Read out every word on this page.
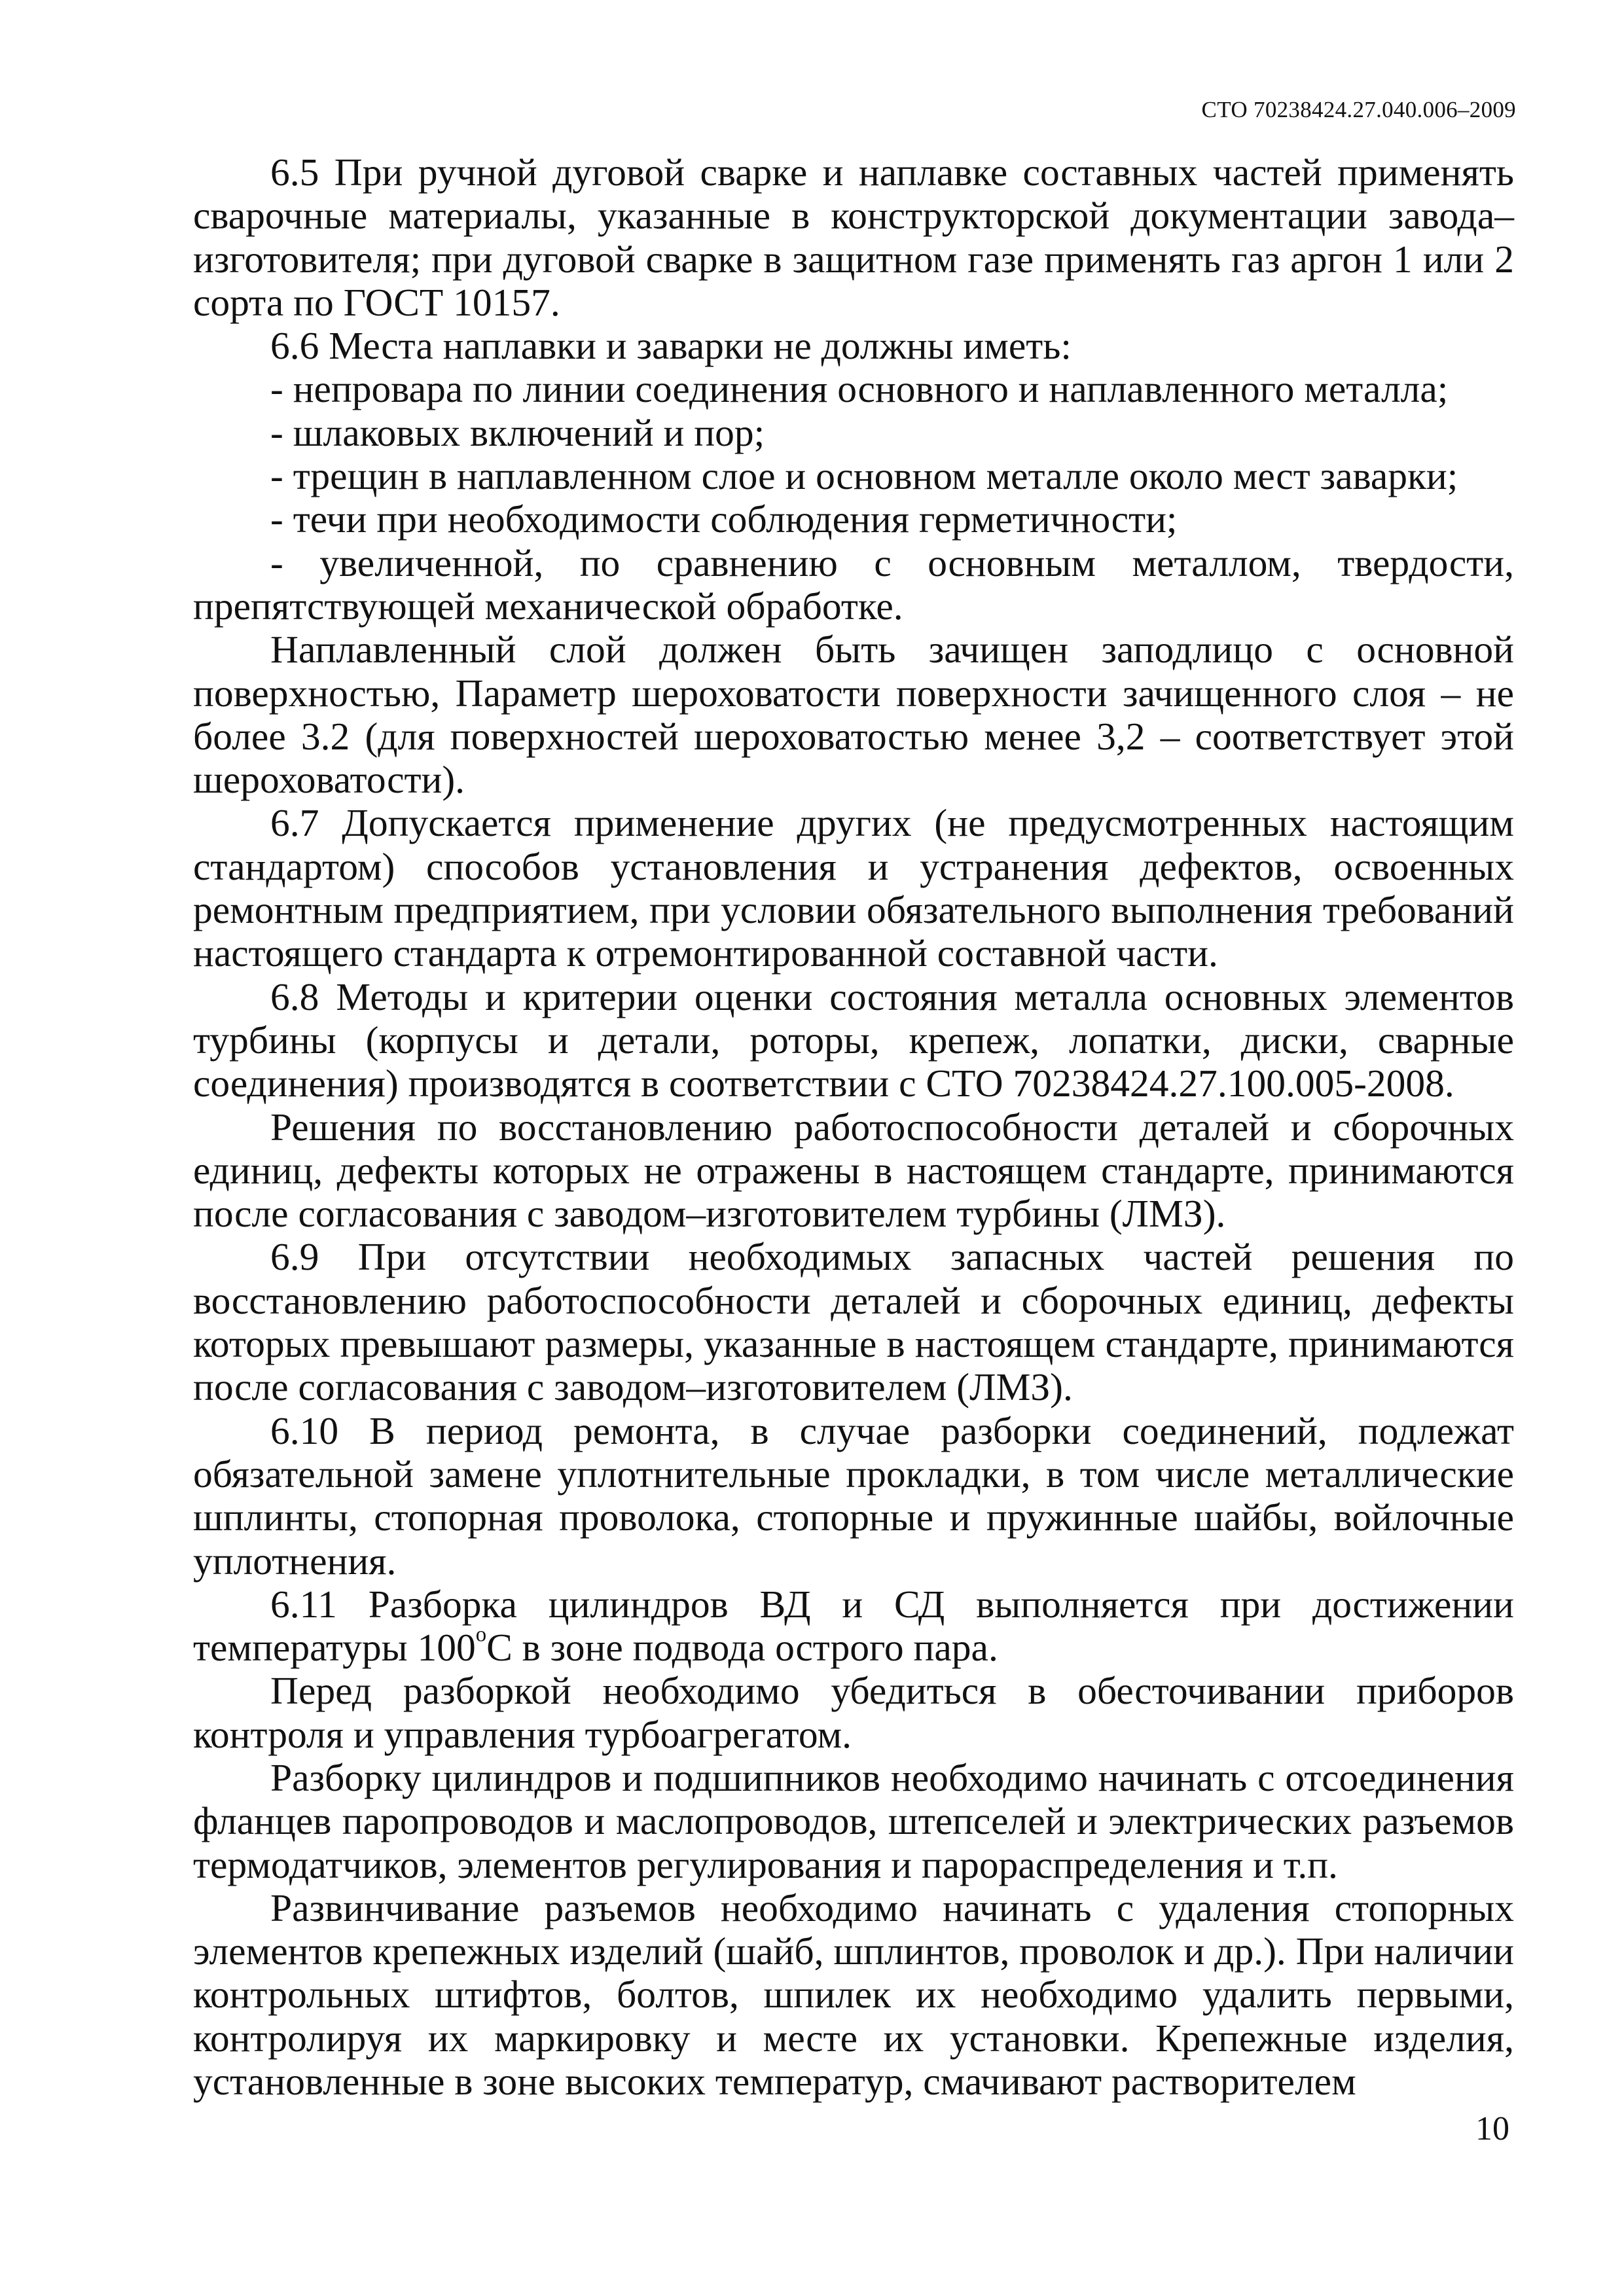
СТО 70238424.27.040.006–2009

6.5 При ручной дуговой сварке и наплавке составных частей применять сварочные материалы, указанные в конструкторской документации завода–изготовителя; при дуговой сварке в защитном газе применять газ аргон 1 или 2 сорта по ГОСТ 10157.

6.6 Места наплавки и заварки не должны иметь:

- непровара по линии соединения основного и наплавленного металла;

- шлаковых включений и пор;

- трещин в наплавленном слое и основном металле около мест заварки;

- течи при необходимости соблюдения герметичности;

- увеличенной, по сравнению с основным металлом, твердости, препятствующей механической обработке.

Наплавленный слой должен быть зачищен заподлицо с основной поверхностью, Параметр шероховатости поверхности зачищенного слоя – не более 3.2 (для поверхностей шероховатостью менее 3,2 – соответствует этой шероховатости).

6.7 Допускается применение других (не предусмотренных настоящим стандартом) способов установления и устранения дефектов, освоенных ремонтным предприятием, при условии обязательного выполнения требований настоящего стандарта к отремонтированной составной части.

6.8 Методы и критерии оценки состояния металла основных элементов турбины (корпусы и детали, роторы, крепеж, лопатки, диски, сварные соединения) производятся в соответствии с СТО 70238424.27.100.005-2008.

Решения по восстановлению работоспособности деталей и сборочных единиц, дефекты которых не отражены в настоящем стандарте, принимаются после согласования с заводом–изготовителем турбины (ЛМЗ).

6.9 При отсутствии необходимых запасных частей решения по восстановлению работоспособности деталей и сборочных единиц, дефекты которых превышают размеры, указанные в настоящем стандарте, принимаются после согласования с заводом–изготовителем (ЛМЗ).

6.10 В период ремонта, в случае разборки соединений, подлежат обязательной замене уплотнительные прокладки, в том числе металлические шплинты, стопорная проволока, стопорные и пружинные шайбы, войлочные уплотнения.

6.11 Разборка цилиндров ВД и СД выполняется при достижении температуры $100^оС$ в зоне подвода острого пара.

Перед разборкой необходимо убедиться в обесточивании приборов контроля и управления турбоагрегатом.

Разборку цилиндров и подшипников необходимо начинать с отсоединения фланцев паропроводов и маслопроводов, штепселей и электрических разъемов термодатчиков, элементов регулирования и парораспределения и т.п.

Развинчивание разъемов необходимо начинать с удаления стопорных элементов крепежных изделий (шайб, шплинтов, проволок и др.). При наличии контрольных штифтов, болтов, шпилек их необходимо удалить первыми, контролируя их маркировку и месте их установки. Крепежные изделия, установленные в зоне высоких температур, смачивают растворителем

10
